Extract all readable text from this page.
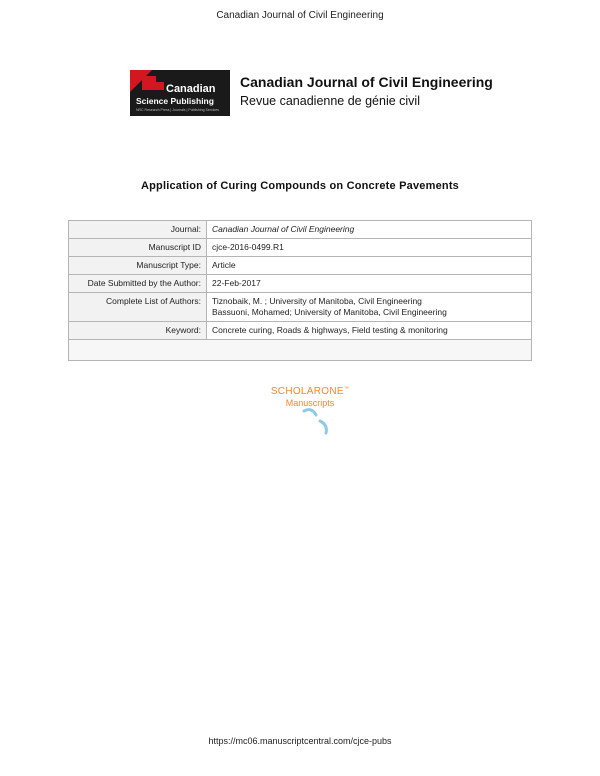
Canadian Journal of Civil Engineering
Canadian
Science Publishing
NRC Research Press | Journals | Publishing Services
Canadian Journal of Civil Engineering
Revue canadienne de génie civil
Application of Curing Compounds on Concrete Pavements
Journal:	Canadian Journal of Civil Engineering
Manuscript ID	cjce-2016-0499.R1
Manuscript Type:	Article
Date Submitted by the Author:	22-Feb-2017
Complete List of Authors:	Tiznobaik, M. ; University of Manitoba, Civil Engineering
Bassuoni, Mohamed; University of Manitoba, Civil Engineering

Keyword:	Concrete curing, Roads & highways, Field testing & monitoring

SCHOLARONE™
Manuscripts
https://mc06.manuscriptcentral.com/cjce-pubs
